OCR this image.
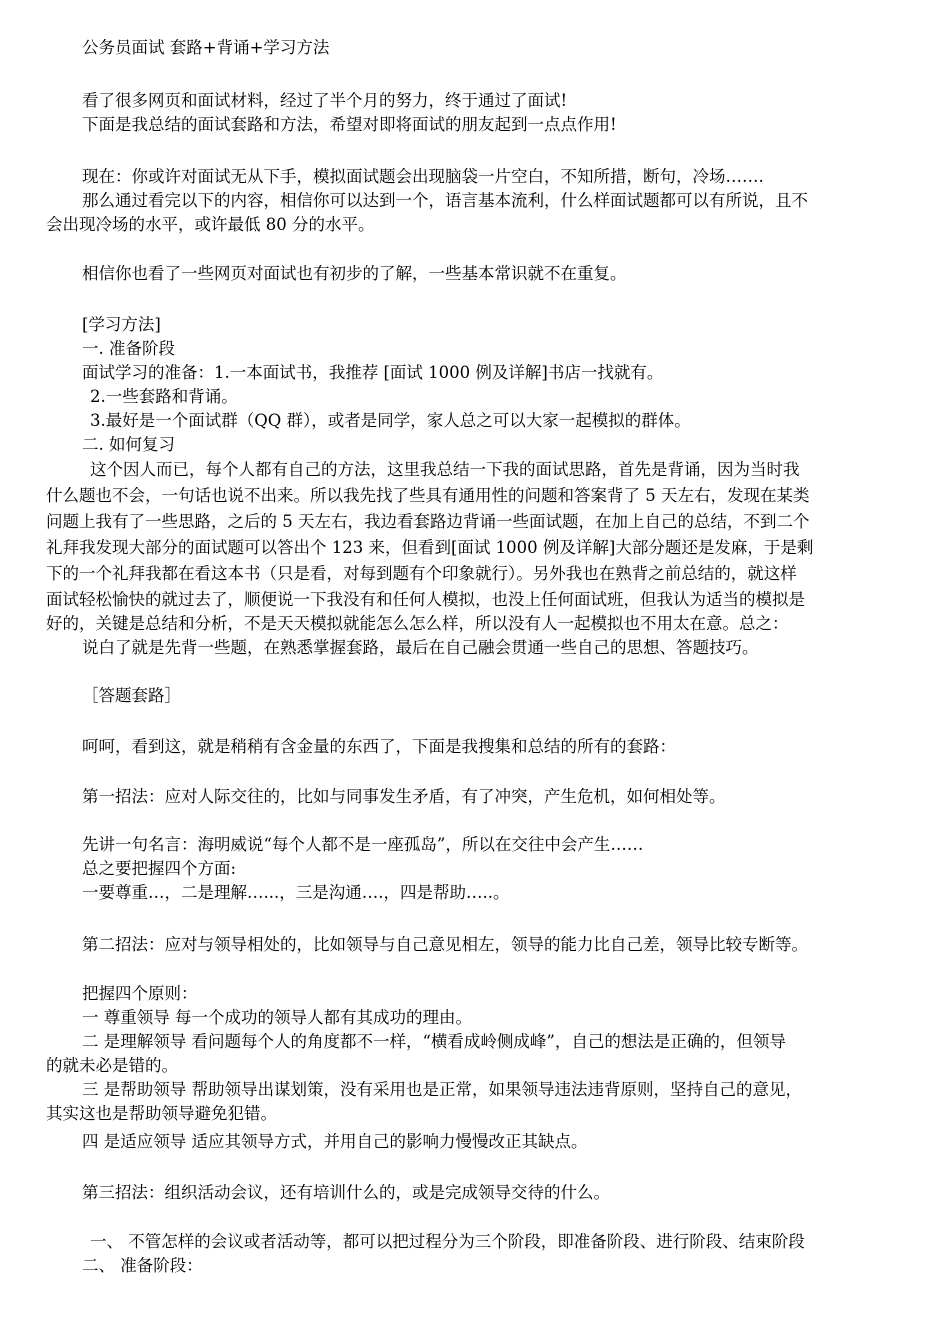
公务员面试 套路+背诵+学习方法
看了很多网页和面试材料，经过了半个月的努力，终于通过了面试!
下面是我总结的面试套路和方法，希望对即将面试的朋友起到一点点作用!
现在：你或许对面试无从下手，模拟面试题会出现脑袋一片空白，不知所措，断句，冷场…….
那么通过看完以下的内容，相信你可以达到一个，语言基本流利，什么样面试题都可以有所说，且不
会出现冷场的水平，或许最低 80 分的水平。
相信你也看了一些网页对面试也有初步的了解，一些基本常识就不在重复。
[学习方法]
一. 准备阶段
面试学习的准备：1.一本面试书，我推荐 [面试 1000 例及详解]书店一找就有。
2.一些套路和背诵。
3.最好是一个面试群（QQ 群），或者是同学，家人总之可以大家一起模拟的群体。
二. 如何复习
这个因人而已，每个人都有自己的方法，这里我总结一下我的面试思路，首先是背诵，因为当时我
什么题也不会，一句话也说不出来。所以我先找了些具有通用性的问题和答案背了 5 天左右，发现在某类
问题上我有了一些思路，之后的 5 天左右，我边看套路边背诵一些面试题，在加上自己的总结，不到二个
礼拜我发现大部分的面试题可以答出个 123 来，但看到[面试 1000 例及详解]大部分题还是发麻，于是剩
下的一个礼拜我都在看这本书（只是看，对每到题有个印象就行）。另外我也在熟背之前总结的，就这样
面试轻松愉快的就过去了，顺便说一下我没有和任何人模拟，也没上任何面试班，但我认为适当的模拟是
好的，关键是总结和分析，不是天天模拟就能怎么怎么样，所以没有人一起模拟也不用太在意。总之：
说白了就是先背一些题，在熟悉掌握套路，最后在自己融会贯通一些自己的思想、答题技巧。
［答题套路］
呵呵，看到这，就是稍稍有含金量的东西了，下面是我搜集和总结的所有的套路：
第一招法：应对人际交往的，比如与同事发生矛盾，有了冲突，产生危机，如何相处等。
先讲一句名言：海明威说“每个人都不是一座孤岛”，所以在交往中会产生……
总之要把握四个方面:
一要尊重…，二是理解…...，三是沟通….，四是帮助…..。
第二招法：应对与领导相处的，比如领导与自己意见相左，领导的能力比自己差，领导比较专断等。
把握四个原则：
一 尊重领导 每一个成功的领导人都有其成功的理由。
二 是理解领导 看问题每个人的角度都不一样，“横看成岭侧成峰”，自己的想法是正确的，但领导
的就未必是错的。
三 是帮助领导 帮助领导出谋划策，没有采用也是正常，如果领导违法违背原则，坚持自己的意见，
其实这也是帮助领导避免犯错。
四 是适应领导 适应其领导方式，并用自己的影响力慢慢改正其缺点。
第三招法：组织活动会议，还有培训什么的，或是完成领导交待的什么。
一、 不管怎样的会议或者活动等，都可以把过程分为三个阶段，即准备阶段、进行阶段、结束阶段
二、 准备阶段：
